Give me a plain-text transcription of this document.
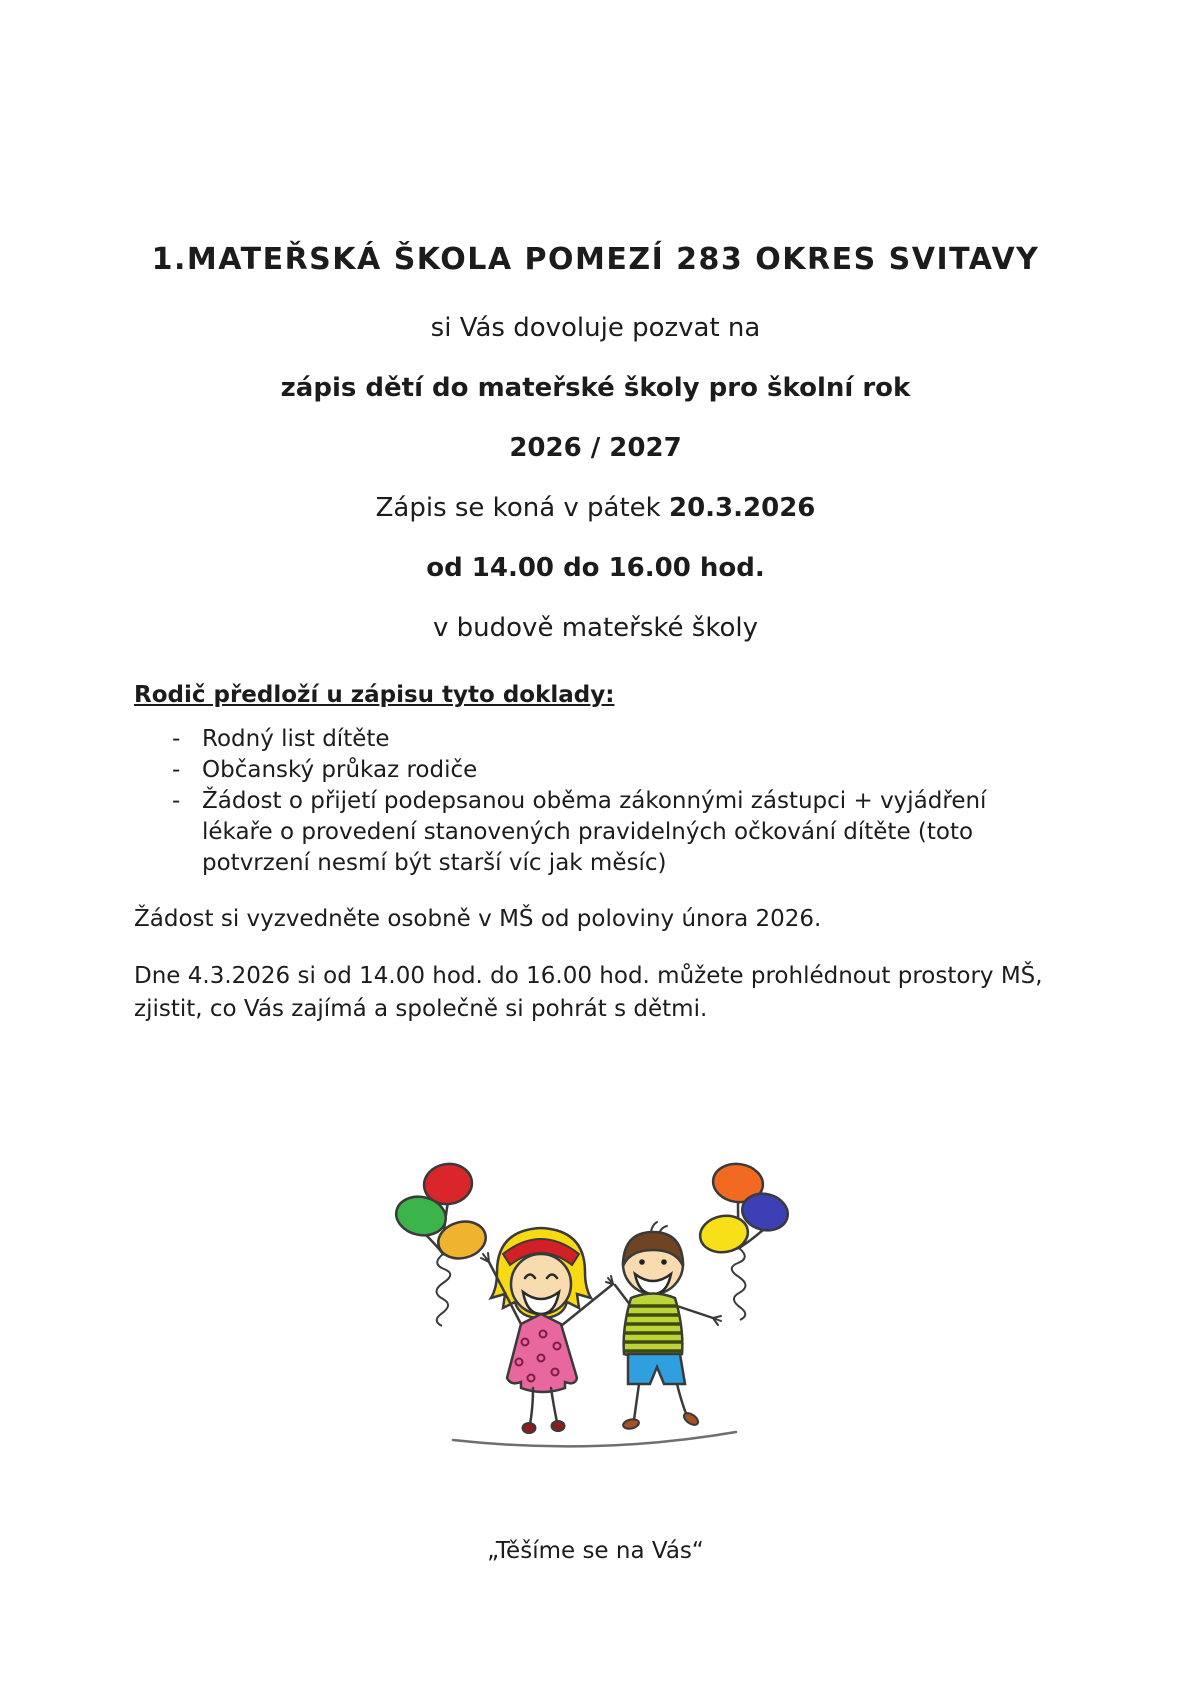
1.MATEŘSKÁ ŠKOLA POMEZÍ 283 OKRES SVITAVY
si Vás dovoluje pozvat na
zápis dětí do mateřské školy pro školní rok
2026 / 2027
Zápis se koná v pátek 20.3.2026
od 14.00 do 16.00 hod.
v budově mateřské školy
Rodič předloží u zápisu tyto doklady:
- Rodný list dítěte
- Občanský průkaz rodiče
- Žádost o přijetí podepsanou oběma zákonnými zástupci + vyjádření lékaře o provedení stanovených pravidelných očkování dítěte (toto potvrzení nesmí být starší víc jak měsíc)

Žádost si vyzvedněte osobně v MŠ od poloviny února 2026.

Dne 4.3.2026 si od 14.00 hod. do 16.00 hod. můžete prohlédnout prostory MŠ, zjistit, co Vás zajímá a společně si pohrát s dětmi.

„Těšíme se na Vás“
